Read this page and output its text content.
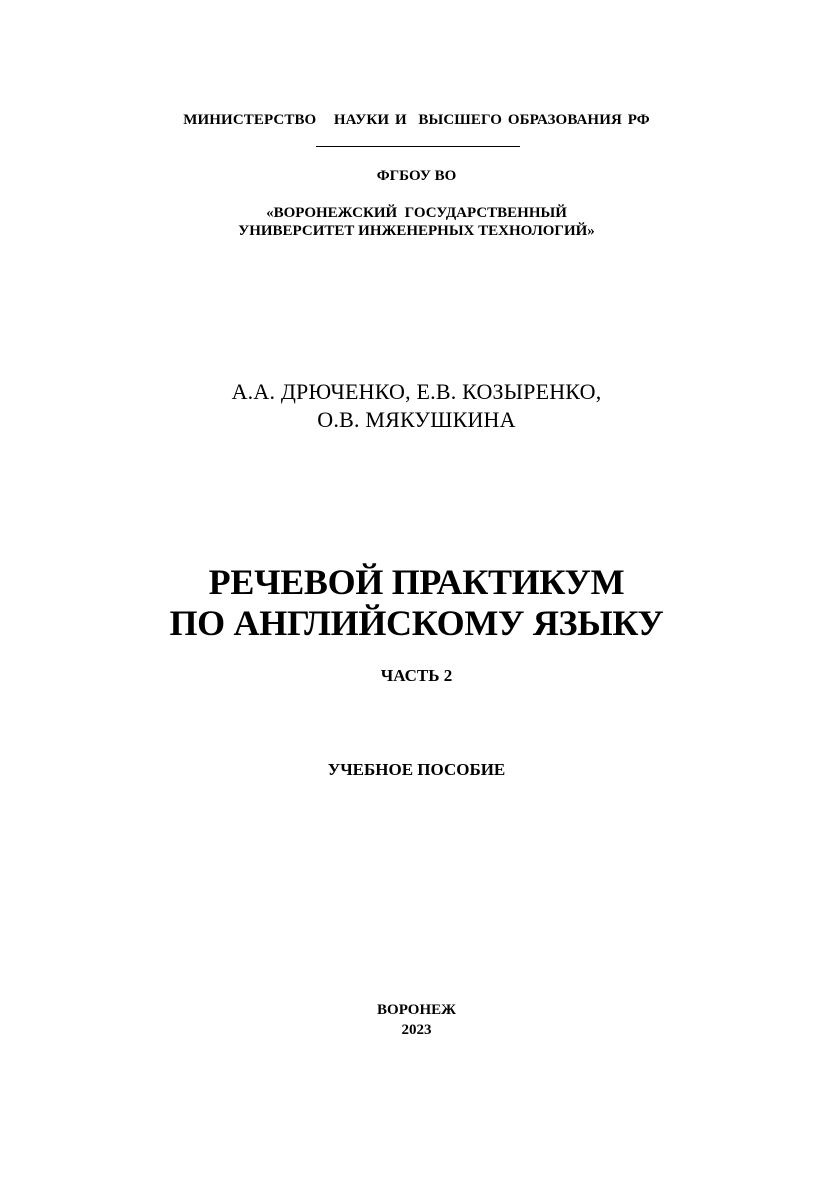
МИНИСТЕРСТВО   НАУКИ И  ВЫСШЕГО ОБРАЗОВАНИЯ РФ
ФГБОУ ВО
«ВОРОНЕЖСКИЙ  ГОСУДАРСТВЕННЫЙ
УНИВЕРСИТЕТ ИНЖЕНЕРНЫХ ТЕХНОЛОГИЙ»
А.А. ДРЮЧЕНКО, Е.В. КОЗЫРЕНКО,
О.В. МЯКУШКИНА
РЕЧЕВОЙ ПРАКТИКУМ
ПО АНГЛИЙСКОМУ ЯЗЫКУ
ЧАСТЬ 2
УЧЕБНОЕ ПОСОБИЕ
ВОРОНЕЖ
2023
